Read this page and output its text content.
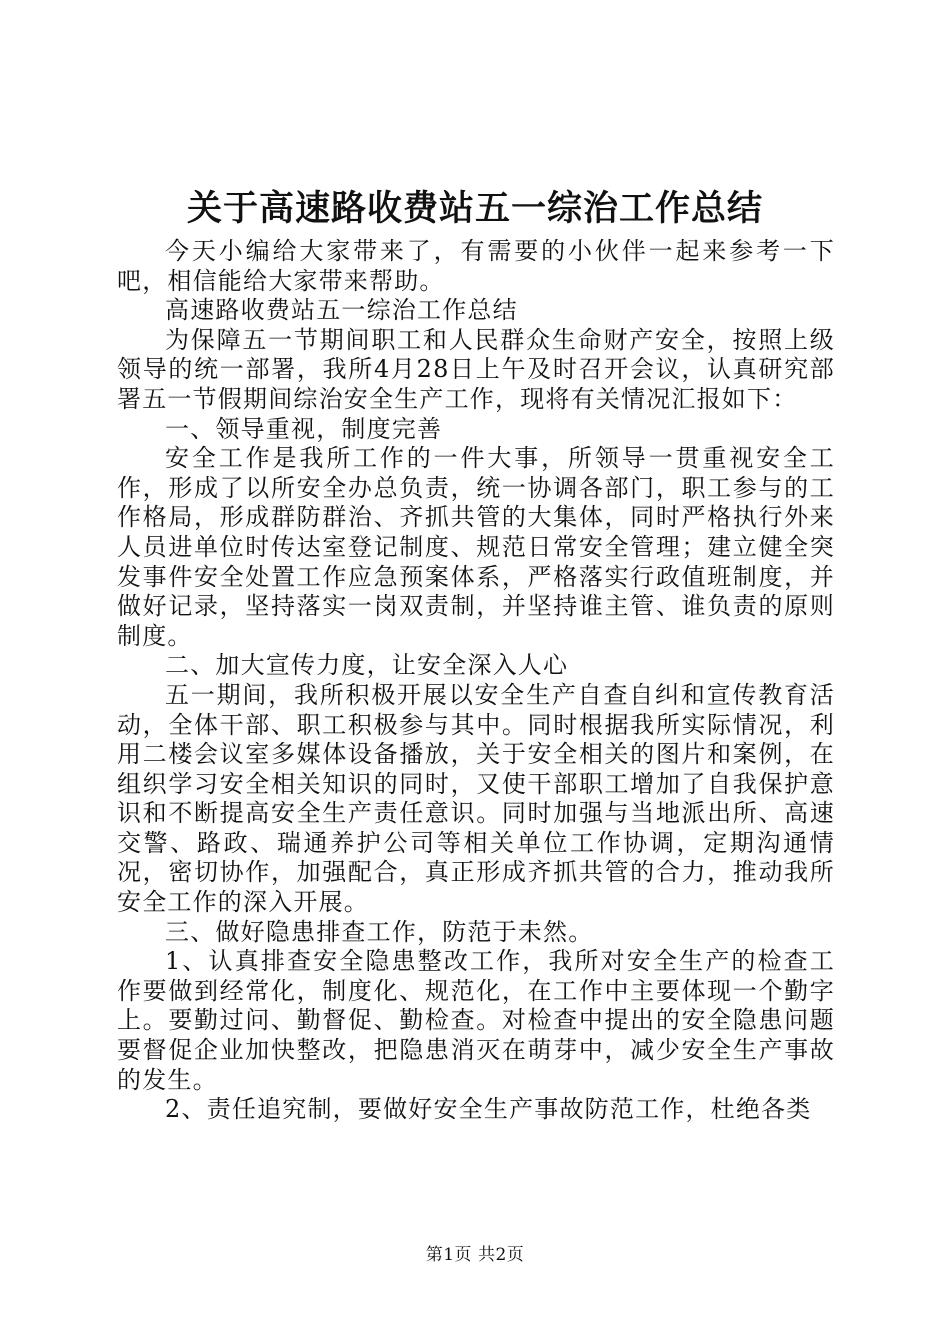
关于高速路收费站五一综治工作总结

今天小编给大家带来了，有需要的小伙伴一起来参考一下吧，相信能给大家带来帮助。

高速路收费站五一综治工作总结

为保障五一节期间职工和人民群众生命财产安全，按照上级领导的统一部署，我所4月28日上午及时召开会议，认真研究部署五一节假期间综治安全生产工作，现将有关情况汇报如下：

一、领导重视，制度完善

安全工作是我所工作的一件大事，所领导一贯重视安全工作，形成了以所安全办总负责，统一协调各部门，职工参与的工作格局，形成群防群治、齐抓共管的大集体，同时严格执行外来人员进单位时传达室登记制度、规范日常安全管理；建立健全突发事件安全处置工作应急预案体系，严格落实行政值班制度，并做好记录，坚持落实一岗双责制，并坚持谁主管、谁负责的原则制度。

二、加大宣传力度，让安全深入人心

五一期间，我所积极开展以安全生产自查自纠和宣传教育活动，全体干部、职工积极参与其中。同时根据我所实际情况，利用二楼会议室多媒体设备播放，关于安全相关的图片和案例，在组织学习安全相关知识的同时，又使干部职工增加了自我保护意识和不断提高安全生产责任意识。同时加强与当地派出所、高速交警、路政、瑞通养护公司等相关单位工作协调，定期沟通情况，密切协作，加强配合，真正形成齐抓共管的合力，推动我所安全工作的深入开展。

三、做好隐患排查工作，防范于未然。

1、认真排查安全隐患整改工作，我所对安全生产的检查工作要做到经常化，制度化、规范化，在工作中主要体现一个勤字上。要勤过问、勤督促、勤检查。对检查中提出的安全隐患问题要督促企业加快整改，把隐患消灭在萌芽中，减少安全生产事故的发生。

2、责任追究制，要做好安全生产事故防范工作，杜绝各类

第1页 共2页
